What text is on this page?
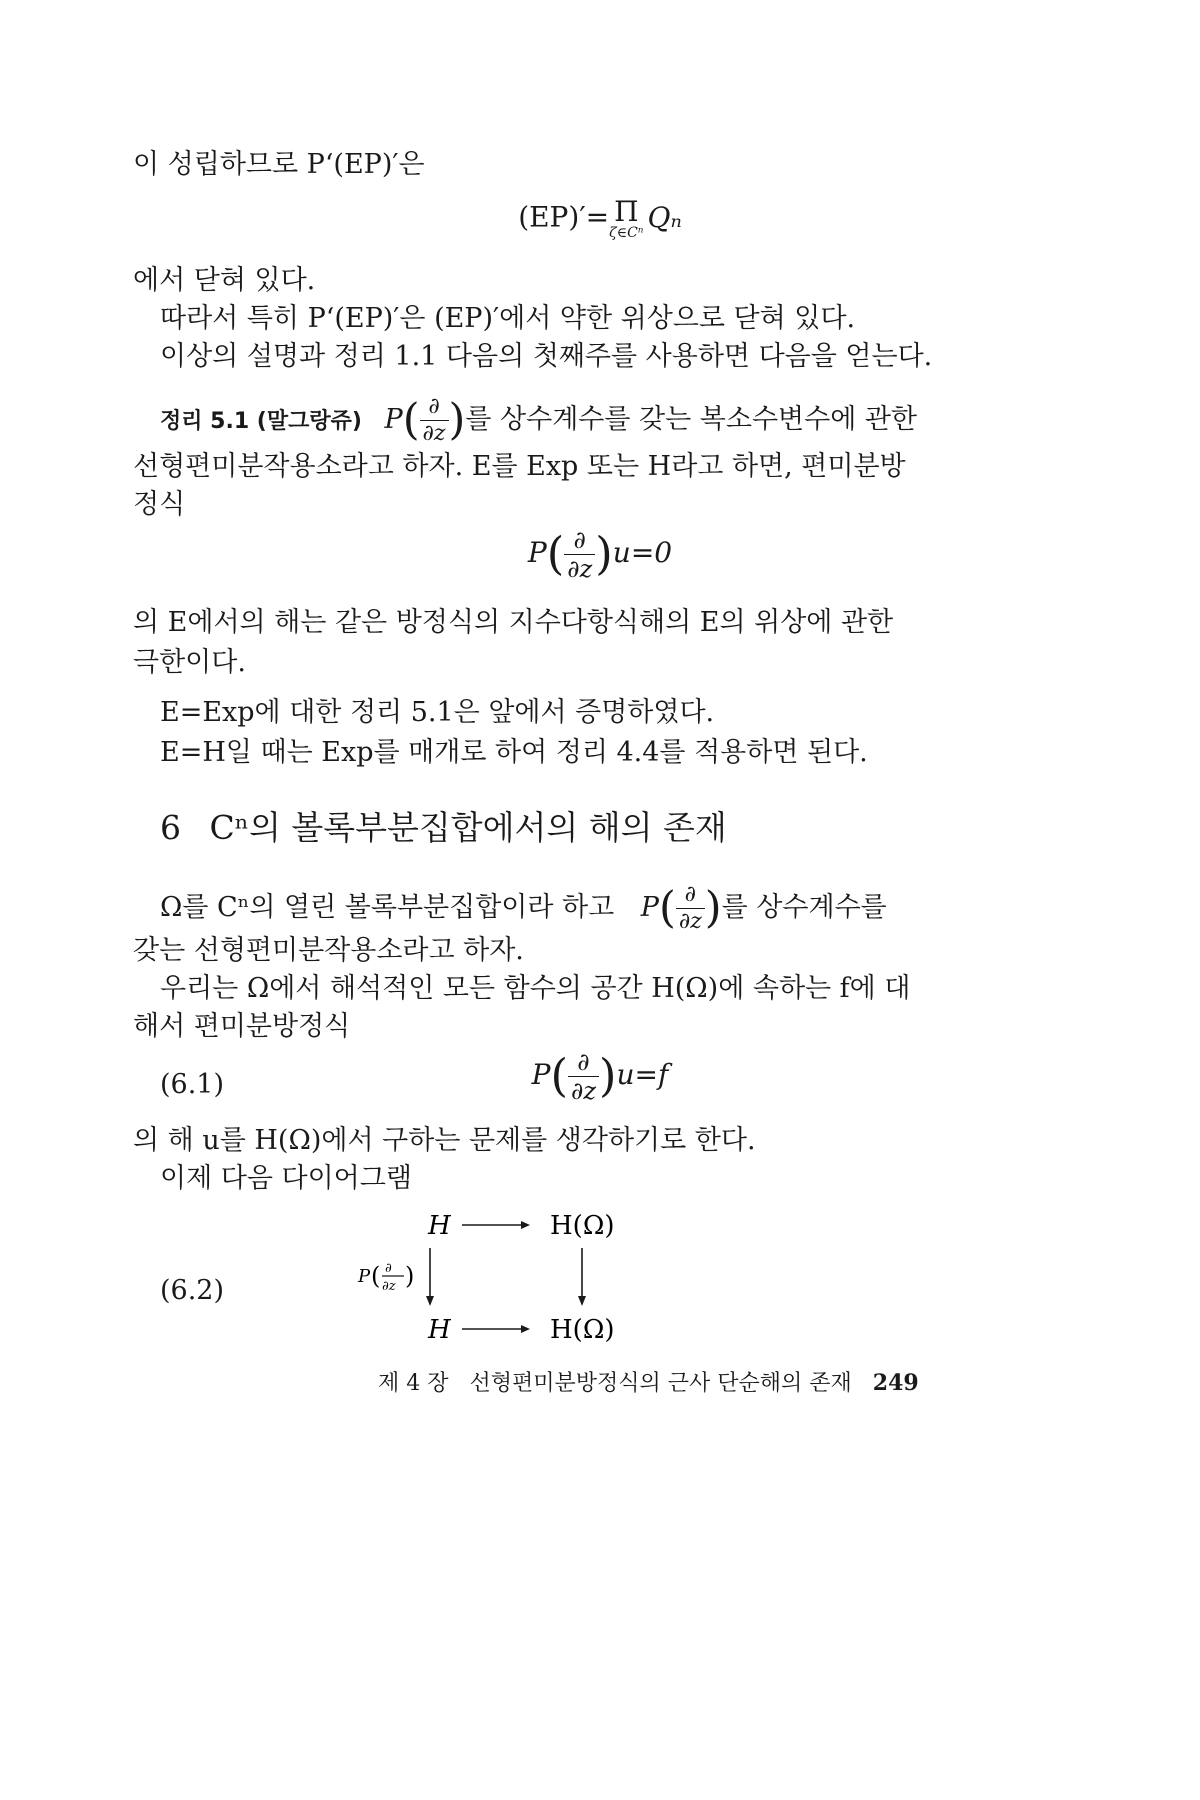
이 성립하므로 P‘(EP)′은

(EP)′= Π
ζ∈Cⁿ Qₙ

에서 닫혀 있다.

따라서 특히 P‘(EP)′은 (EP)′에서 약한 위상으로 닫혀 있다.

이상의 설명과 정리 1.1 다음의 첫째주를 사용하면 다음을 얻는다.

정리 5.1 (말그랑쥬) $P( \frac{\partial}{\partial z}$ )를 상수계수를 갖는 복소수변수에 관한

선형편미분작용소라고 하자. E를 Exp 또는 H라고 하면, 편미분방

정식

$P( \frac{\partial}{\partial z} )u=0$

의 E에서의 해는 같은 방정식의 지수다항식해의 E의 위상에 관한

극한이다.

E=Exp에 대한 정리 5.1은 앞에서 증명하였다.

E=H일 때는 Exp를 매개로 하여 정리 4.4를 적용하면 된다.

6 Cⁿ의 볼록부분집합에서의 해의 존재
Ω를 Cⁿ의 열린 볼록부분집합이라 하고 $P( \frac{\partial}{\partial z}$ )를 상수계수를

갖는 선형편미분작용소라고 하자.

우리는 Ω에서 해석적인 모든 함수의 공간 H(Ω)에 속하는 f에 대

해서 편미분방정식

(6.1)	$P( \frac{\partial}{\partial z} )u=f$

의 해 u를 H(Ω)에서 구하는 문제를 생각하기로 한다.

이제 다음 다이어그램

(6.2)

H	H(Ω)
P ( ∂
∂z )
H	H(Ω)
제 4 장 선형편미분방정식의 근사 단순해의 존재 249
